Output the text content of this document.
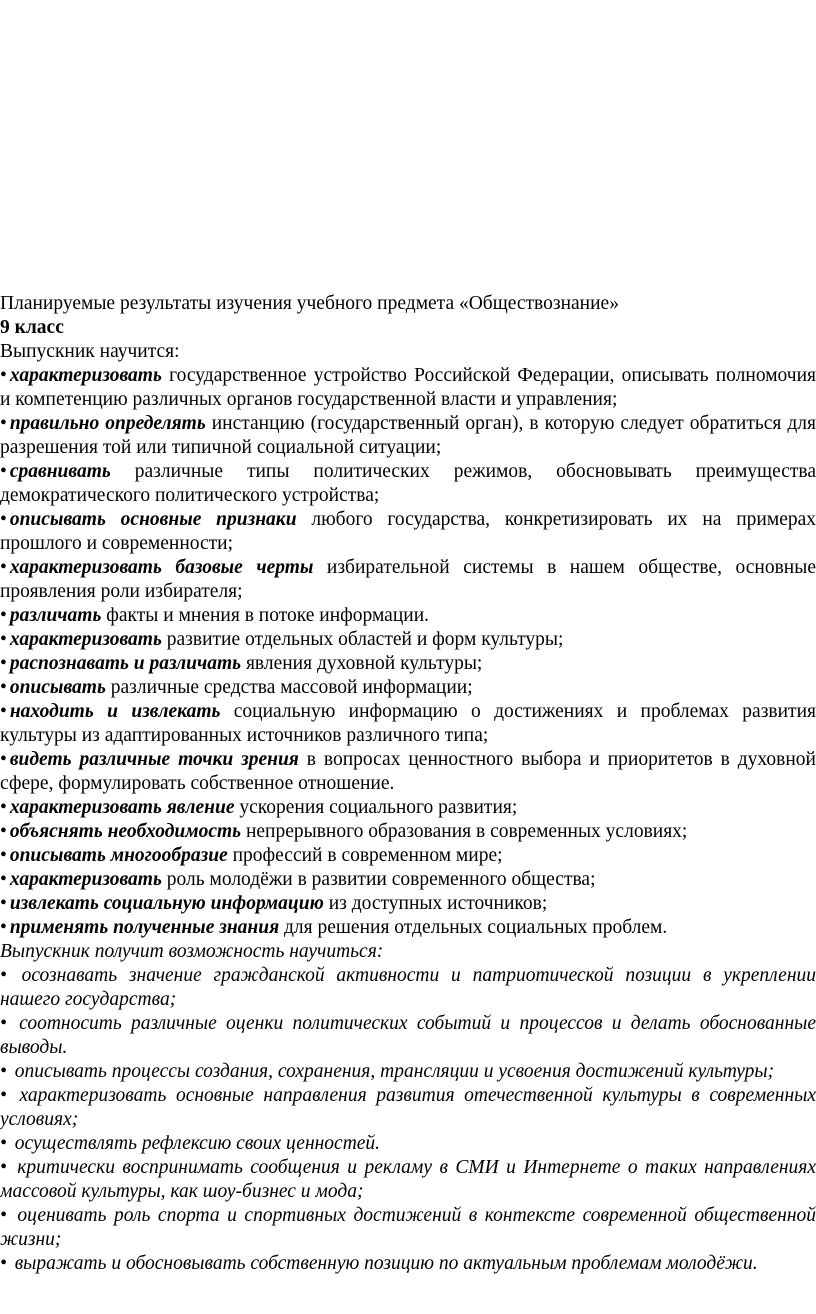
Планируемые результаты изучения учебного предмета «Обществознание»
9 класс
Выпускник научится:
• характеризовать государственное устройство Российской Федерации, описывать полномочия и компетенцию различных органов государственной власти и управления;
• правильно определять инстанцию (государственный орган), в которую следует обратиться для разрешения той или типичной социальной ситуации;
• сравнивать различные типы политических режимов, обосновывать преимущества демократического политического устройства;
• описывать основные признаки любого государства, конкретизировать их на примерах прошлого и современности;
• характеризовать базовые черты избирательной системы в нашем обществе, основные проявления роли избирателя;
• различать факты и мнения в потоке информации.
• характеризовать развитие отдельных областей и форм культуры;
• распознавать и различать явления духовной культуры;
• описывать различные средства массовой информации;
• находить и извлекать социальную информацию о достижениях и проблемах развития культуры из адаптированных источников различного типа;
• видеть различные точки зрения в вопросах ценностного выбора и приоритетов в духовной сфере, формулировать собственное отношение.
• характеризовать явление ускорения социального развития;
• объяснять необходимость непрерывного образования в современных условиях;
• описывать многообразие профессий в современном мире;
• характеризовать роль молодёжи в развитии современного общества;
• извлекать социальную информацию из доступных источников;
• применять полученные знания для решения отдельных социальных проблем.
Выпускник получит возможность научиться:
• осознавать значение гражданской активности и патриотической позиции в укреплении нашего государства;
• соотносить различные оценки политических событий и процессов и делать обоснованные выводы.
• описывать процессы создания, сохранения, трансляции и усвоения достижений культуры;
• характеризовать основные направления развития отечественной культуры в современных условиях;
• осуществлять рефлексию своих ценностей.
• критически воспринимать сообщения и рекламу в СМИ и Интернете о таких направлениях массовой культуры, как шоу-бизнес и мода;
• оценивать роль спорта и спортивных достижений в контексте современной общественной жизни;
• выражать и обосновывать собственную позицию по актуальным проблемам молодёжи.
